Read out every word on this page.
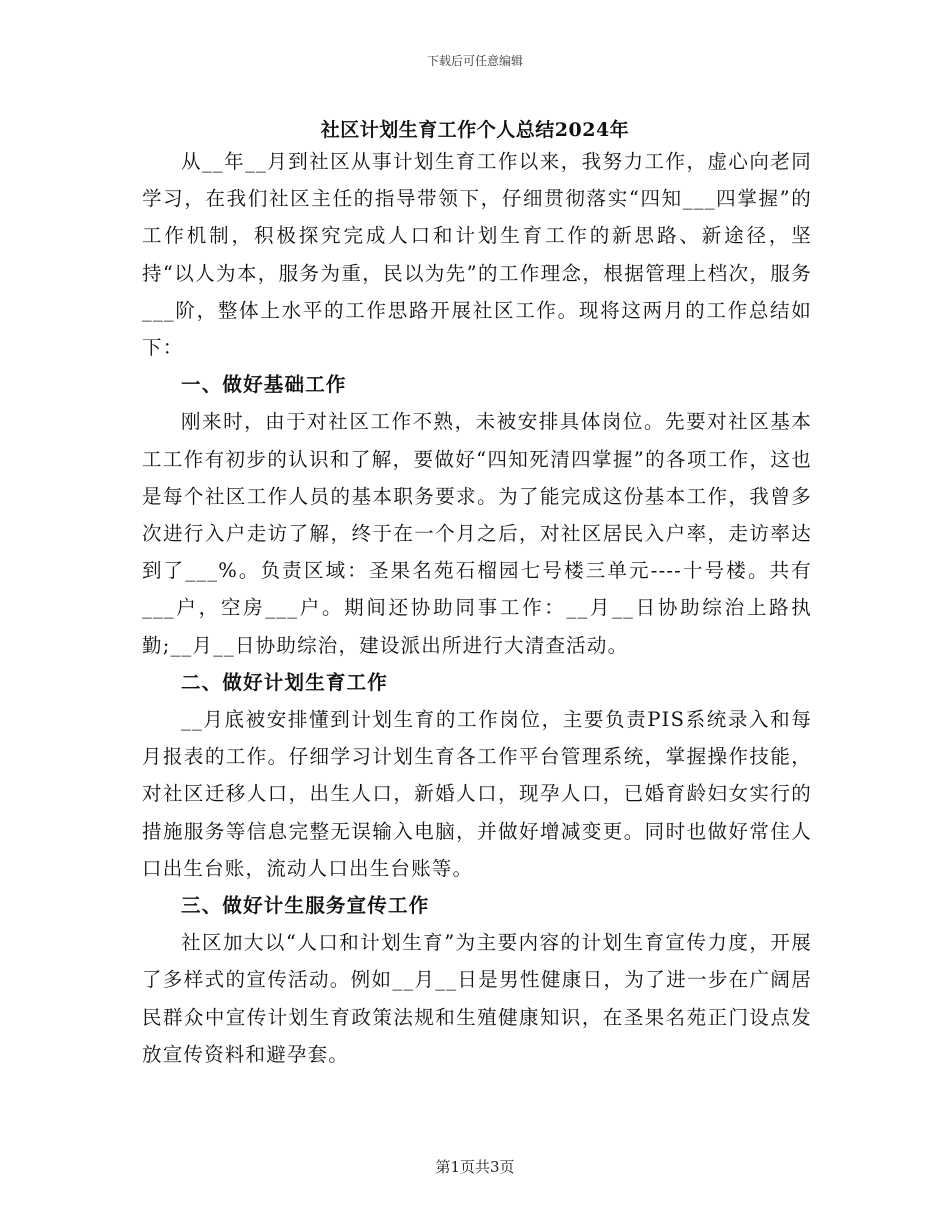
下载后可任意编辑
社区计划生育工作个人总结2024年

从__年__月到社区从事计划生育工作以来，我努力工作，虚心向老同学习，在我们社区主任的指导带领下，仔细贯彻落实“四知___四掌握”的工作机制，积极探究完成人口和计划生育工作的新思路、新途径，坚持“以人为本，服务为重，民以为先”的工作理念，根据管理上档次，服务___阶，整体上水平的工作思路开展社区工作。现将这两月的工作总结如下：

一、做好基础工作

刚来时，由于对社区工作不熟，未被安排具体岗位。先要对社区基本工工作有初步的认识和了解，要做好“四知死清四掌握”的各项工作，这也是每个社区工作人员的基本职务要求。为了能完成这份基本工作，我曾多次进行入户走访了解，终于在一个月之后，对社区居民入户率，走访率达到了___%。负责区域：圣果名苑石榴园七号楼三单元----十号楼。共有___户，空房___户。期间还协助同事工作：__月__日协助综治上路执勤;__月__日协助综治，建设派出所进行大清查活动。

二、做好计划生育工作

__月底被安排懂到计划生育的工作岗位，主要负责PIS系统录入和每月报表的工作。仔细学习计划生育各工作平台管理系统，掌握操作技能，对社区迁移人口，出生人口，新婚人口，现孕人口，已婚育龄妇女实行的措施服务等信息完整无误输入电脑，并做好增减变更。同时也做好常住人口出生台账，流动人口出生台账等。

三、做好计生服务宣传工作

社区加大以“人口和计划生育”为主要内容的计划生育宣传力度，开展了多样式的宣传活动。例如__月__日是男性健康日，为了进一步在广阔居民群众中宣传计划生育政策法规和生殖健康知识，在圣果名苑正门设点发放宣传资料和避孕套。

第1页共3页
